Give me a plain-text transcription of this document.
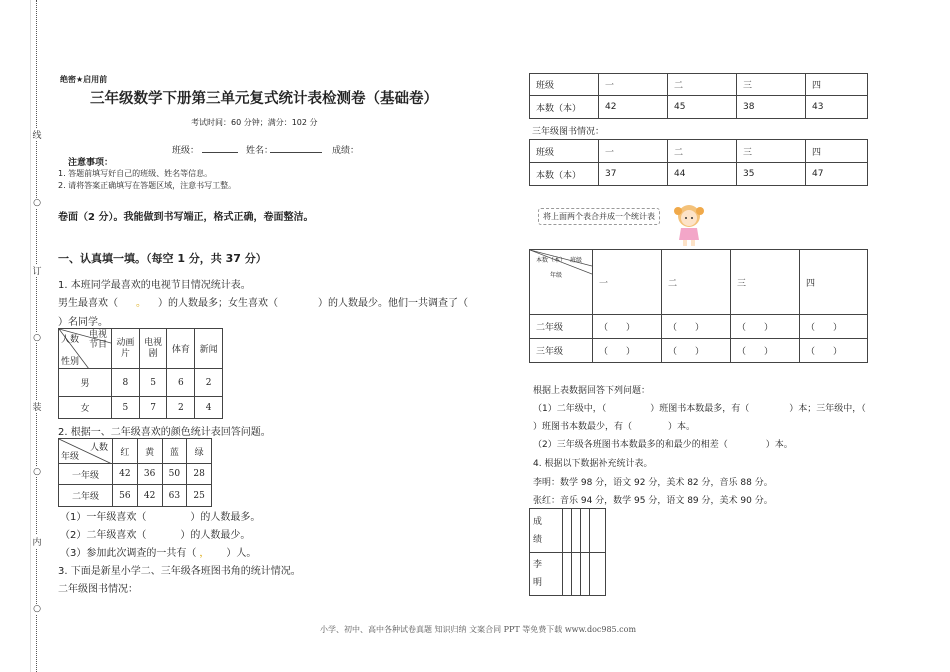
线
○
订
○
装
○
内
○
绝密★启用前
三年级数学下册第三单元复式统计表检测卷（基础卷）
考试时间：60 分钟；满分：102 分
班级：	姓名：	成绩：
注意事项：
1. 答题前填写好自己的班级、姓名等信息。
2. 请将答案正确填写在答题区域，注意书写工整。
卷面（2 分）。我能做到书写端正，格式正确，卷面整洁。
一、认真填一填。（每空 1 分，共 37 分）
1. 本班同学最喜欢的电视节目情况统计表。
男生最喜欢（ 。 ）的人数最多；女生喜欢（	）的人数最少。他们一共调查了（
）名同学。
电视节目
人数
性别	动画片	电视剧	体育	新闻
男	8	5	6	2
女	5	7	2	4
2. 根据一、二年级喜欢的颜色统计表回答问题。
人数
年级	红	黄	蓝	绿
一年级	42	36	50	28
二年级	56	42	63	25
（1）一年级喜欢（	）的人数最多。
（2）二年级喜欢（	）的人数最少。
（3）参加此次调查的一共有（ ， ）人。
3. 下面是新星小学二、三年级各班图书角的统计情况。
二年级图书情况：
班级	一	二	三	四
本数（本）	42	45	38	43
三年级图书情况：
班级	一	二	三	四
本数（本）	37	44	35	47
将上面两个表合并成一个统计表
本数（本） 班级
年级	一	二	三	四
二年级	（　　）	（　　）	（　　）	（　　）
三年级	（　　）	（　　）	（　　）	（　　）
根据上表数据回答下列问题：
（1）二年级中，（	）班图书本数最多，有（	）本；三年级中，（
）班图书本数最少，有（	）本。
（2）三年级各班图书本数最多的和最少的相差（	）本。
4. 根据以下数据补充统计表。
李明：数学 98 分，语文 92 分，美术 82 分，音乐 88 分。
张红：音乐 94 分，数学 95 分，语文 89 分，美术 90 分。
成绩				

李明				

小学、初中、高中各种试卷真题 知识归纳 文案合同 PPT 等免费下载 www.doc985.com
